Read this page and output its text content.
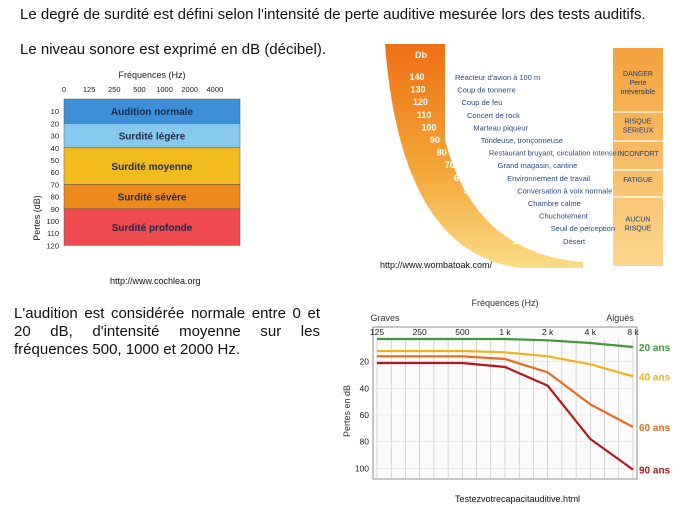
Le degré de surdité est défini selon l'intensité de perte auditive mesurée lors des tests auditifs.
Le niveau sonore est exprimé en dB (décibel).
L'audition est considérée normale entre 0 et 20 dB, d'intensité moyenne sur les fréquences 500, 1000 et 2000 Hz.
Fréquences (Hz)
0 125 250 500 1000 2000 4000
Audition normale
Surdité légère
Surdité moyenne
Surdité sévère
Surdité profonde
10
20
30
40
50
60
70
80
90
100
110
120
Pertes (dB)
http://www.cochlea.org
Db
140	Réacteur d'avion à 100 m
130	Coup de tonnerre
120	Coup de feu
110	Concert de rock
100	Marteau piqueur
90	Tondeuse, tronçonneuse
80	Restaurant bruyant, circulation intense
70	Grand magasin, cantine
60	Environnement de travail
50	Conversation à voix normale
40	Chambre calme
30	Chuchotement
20	Seuil de perception
10	Désert
DANGER
Perte
irréversible
RISQUE
SERIEUX
INCONFORT
FATIGUE
AUCUN
RISQUE
http://www.wombatoak.com/
Fréquences (Hz)
Graves	Aiguës
Pertes en dB
125	250	500	1 k	2 k	4 k	8 k
20
40
60
80
100
20 ans
40 ans
60 ans
90 ans
Testezvotrecapacitauditive.html
